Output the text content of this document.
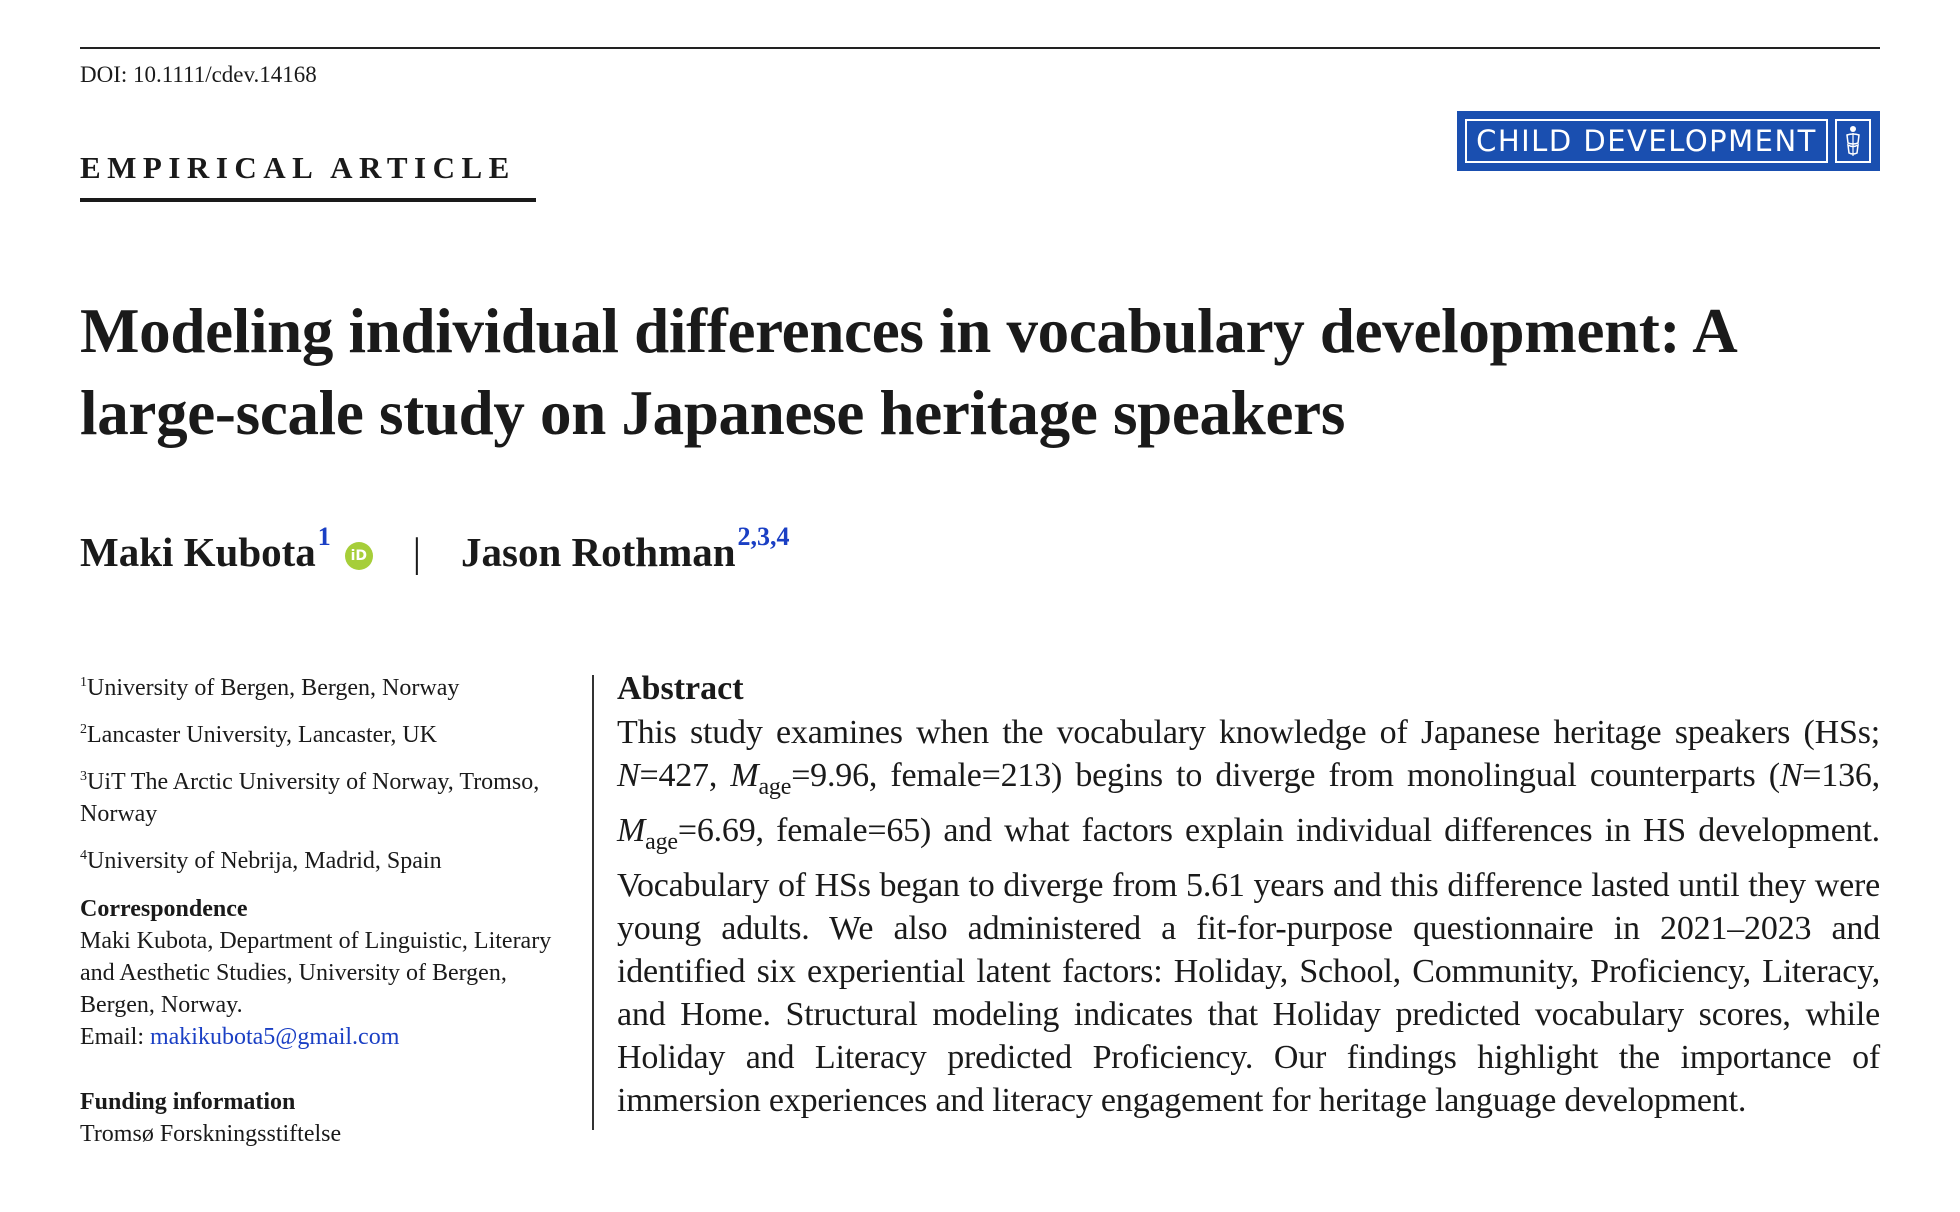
DOI: 10.1111/cdev.14168
EMPIRICAL ARTICLE
CHILD DEVELOPMENT
Modeling individual differences in vocabulary development: A large-scale study on Japanese heritage speakers
Maki Kubota$^1$
iD | Jason Rothman$^{2,3,4}$
$^1$University of Bergen, Bergen, Norway
$^2$Lancaster University, Lancaster, UK
$^3$UiT The Arctic University of Norway, Tromso, Norway
$^4$University of Nebrija, Madrid, Spain
Correspondence
Maki Kubota, Department of Linguistic, Literary and Aesthetic Studies, University of Bergen, Bergen, Norway.
Email: makikubota5@gmail.com
Funding information
Tromsø Forskningsstiftelse
Abstract
This study examines when the vocabulary knowledge of Japanese heritage speakers (HSs; N=427, $M_{age}=9.96$, female=213) begins to diverge from monolingual counterparts (N=136, $M_{age}=6.69$, female=65) and what factors explain individual differences in HS development. Vocabulary of HSs began to diverge from 5.61 years and this difference lasted until they were young adults. We also administered a fit-for-purpose questionnaire in 2021–2023 and identified six experiential latent factors: Holiday, School, Community, Proficiency, Literacy, and Home. Structural modeling indicates that Holiday predicted vocabulary scores, while Holiday and Literacy predicted Proficiency. Our findings highlight the importance of immersion experiences and literacy engagement for heritage language development.
